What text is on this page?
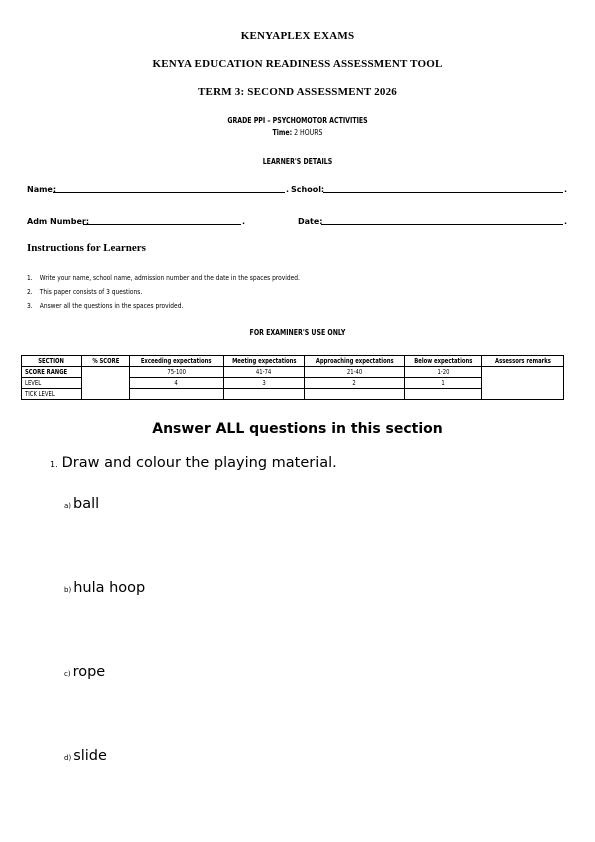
KENYAPLEX EXAMS
KENYA EDUCATION READINESS ASSESSMENT TOOL
TERM 3: SECOND ASSESSMENT 2026
GRADE PPI – PSYCHOMOTOR ACTIVITIES
Time: 2 HOURS
LEARNER'S DETAILS
Name:	. School:	.
Adm Number:	.	Date:	.
Instructions for Learners
1. Write your name, school name, admission number and the date in the spaces provided.
2. This paper consists of 3 questions.
3. Answer all the questions in the spaces provided.
FOR EXAMINER'S USE ONLY
SECTION	% SCORE	Exceeding expectations	Meeting expectations	Approaching expectations	Below expectations	Assessors remarks
SCORE RANGE		75-100	41-74	21-40	1-20	
LEVEL		4	3	2	1	
TICK LEVEL						
Answer ALL questions in this section
1. Draw and colour the playing material.
a) ball
b) hula hoop
c) rope
d) slide
